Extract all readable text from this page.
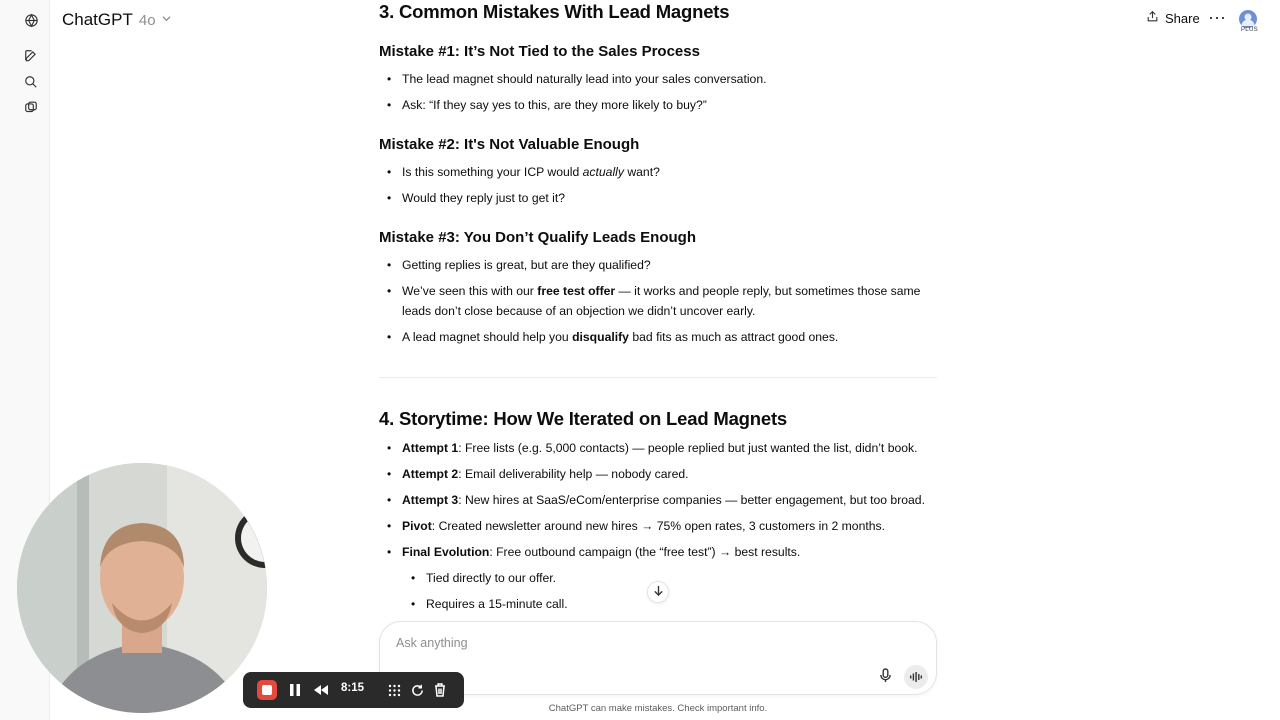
ChatGPT 4o	Share ⋯
PLUS
3. Common Mistakes With Lead Magnets
Mistake #1: It’s Not Tied to the Sales Process
• The lead magnet should naturally lead into your sales conversation.
• Ask: “If they say yes to this, are they more likely to buy?”
Mistake #2: It's Not Valuable Enough
• Is this something your ICP would actually want?
• Would they reply just to get it?
Mistake #3: You Don’t Qualify Leads Enough
• Getting replies is great, but are they qualified?
• We’ve seen this with our free test offer — it works and people reply, but sometimes those same leads don’t close because of an objection we didn’t uncover early.
• A lead magnet should help you disqualify bad fits as much as attract good ones.
4. Storytime: How We Iterated on Lead Magnets
• Attempt 1: Free lists (e.g. 5,000 contacts) — people replied but just wanted the list, didn’t book.
• Attempt 2: Email deliverability help — nobody cared.
• Attempt 3: New hires at SaaS/eCom/enterprise companies — better engagement, but too broad.
• Pivot: Created newsletter around new hires → 75% open rates, 3 customers in 2 months.
• Final Evolution: Free outbound campaign (the “free test”) → best results.
• Tied directly to our offer.
• Requires a 15-minute call.
Ask anything
ChatGPT can make mistakes. Check important info.
8:15
